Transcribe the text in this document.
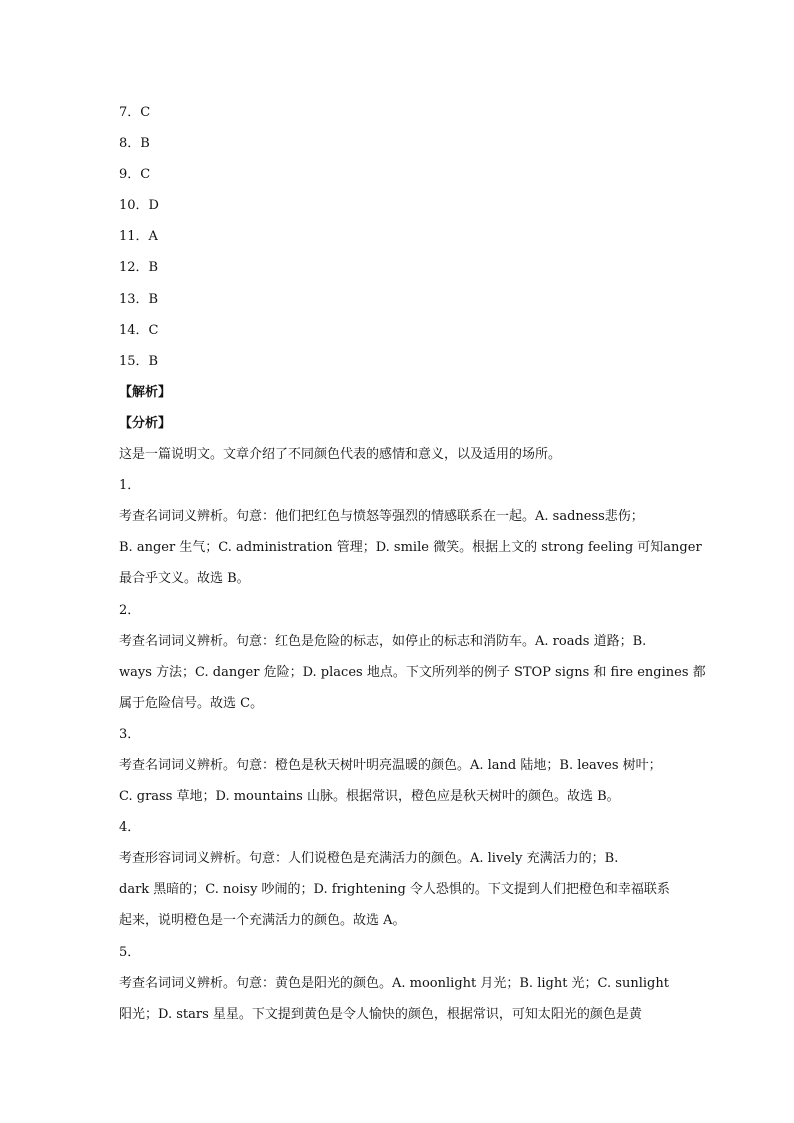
7．C
8．B
9．C
10．D
11．A
12．B
13．B
14．C
15．B
【解析】
【分析】
这是一篇说明文。文章介绍了不同颜色代表的感情和意义，以及适用的场所。
1．
考查名词词义辨析。句意：他们把红色与愤怒等强烈的情感联系在一起。A. sadness悲伤；
B. anger 生气；C. administration 管理；D. smile 微笑。根据上文的 strong feeling 可知anger
最合乎文义。故选 B。
2．
考查名词词义辨析。句意：红色是危险的标志，如停止的标志和消防车。A. roads 道路；B.
ways 方法；C. danger 危险；D. places 地点。下文所列举的例子 STOP signs 和 fire engines 都
属于危险信号。故选 C。
3．
考查名词词义辨析。句意：橙色是秋天树叶明亮温暖的颜色。A. land 陆地；B. leaves 树叶；
C. grass 草地；D. mountains 山脉。根据常识，橙色应是秋天树叶的颜色。故选 B。
4．
考查形容词词义辨析。句意：人们说橙色是充满活力的颜色。A. lively 充满活力的；B.
dark 黑暗的；C. noisy 吵闹的；D. frightening 令人恐惧的。下文提到人们把橙色和幸福联系
起来，说明橙色是一个充满活力的颜色。故选 A。
5．
考查名词词义辨析。句意：黄色是阳光的颜色。A. moonlight 月光；B. light 光；C. sunlight
阳光；D. stars 星星。下文提到黄色是令人愉快的颜色，根据常识，可知太阳光的颜色是黄
